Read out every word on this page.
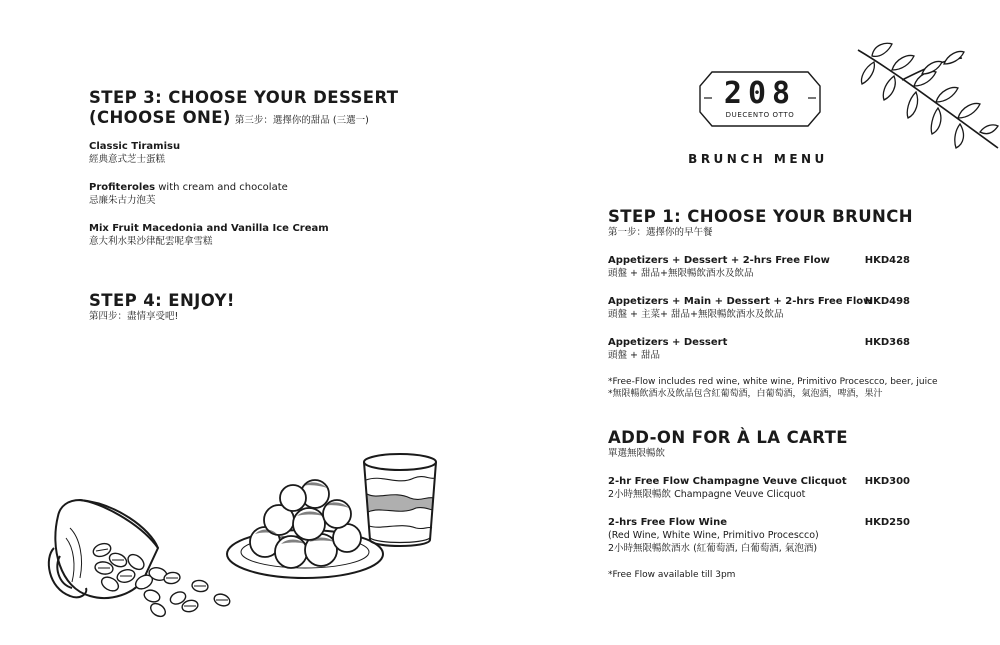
STEP 3: CHOOSE YOUR DESSERT
(CHOOSE ONE) 第三步：選擇你的甜品 (三選一)
Classic Tiramisu
經典意式芝士蛋糕
Profiteroles with cream and chocolate
忌廉朱古力泡芙
Mix Fruit Macedonia and Vanilla Ice Cream
意大利水果沙律配雲呢拿雪糕
STEP 4: ENJOY!
第四步：盡情享受吧!
208
DUECENTO OTTO
BRUNCH MENU
STEP 1: CHOOSE YOUR BRUNCH
第一步：選擇你的早午餐
Appetizers + Dessert + 2-hrs Free Flow
頭盤 + 甜品+無限暢飲酒水及飲品
HKD428
Appetizers + Main + Dessert + 2-hrs Free Flow
頭盤 + 主菜+ 甜品+無限暢飲酒水及飲品
HKD498
Appetizers + Dessert
頭盤 + 甜品
HKD368
*Free-Flow includes red wine, white wine, Primitivo Procescco, beer, juice
*無限暢飲酒水及飲品包含紅葡萄酒，白葡萄酒，氣泡酒，啤酒，果汁
ADD-ON FOR À LA CARTE
單選無限暢飲
2-hr Free Flow Champagne Veuve Clicquot
2小時無限暢飲 Champagne Veuve Clicquot
HKD300
2-hrs Free Flow Wine
(Red Wine, White Wine, Primitivo Procescco)
2小時無限暢飲酒水 (紅葡萄酒, 白葡萄酒, 氣泡酒)
HKD250
*Free Flow available till 3pm
